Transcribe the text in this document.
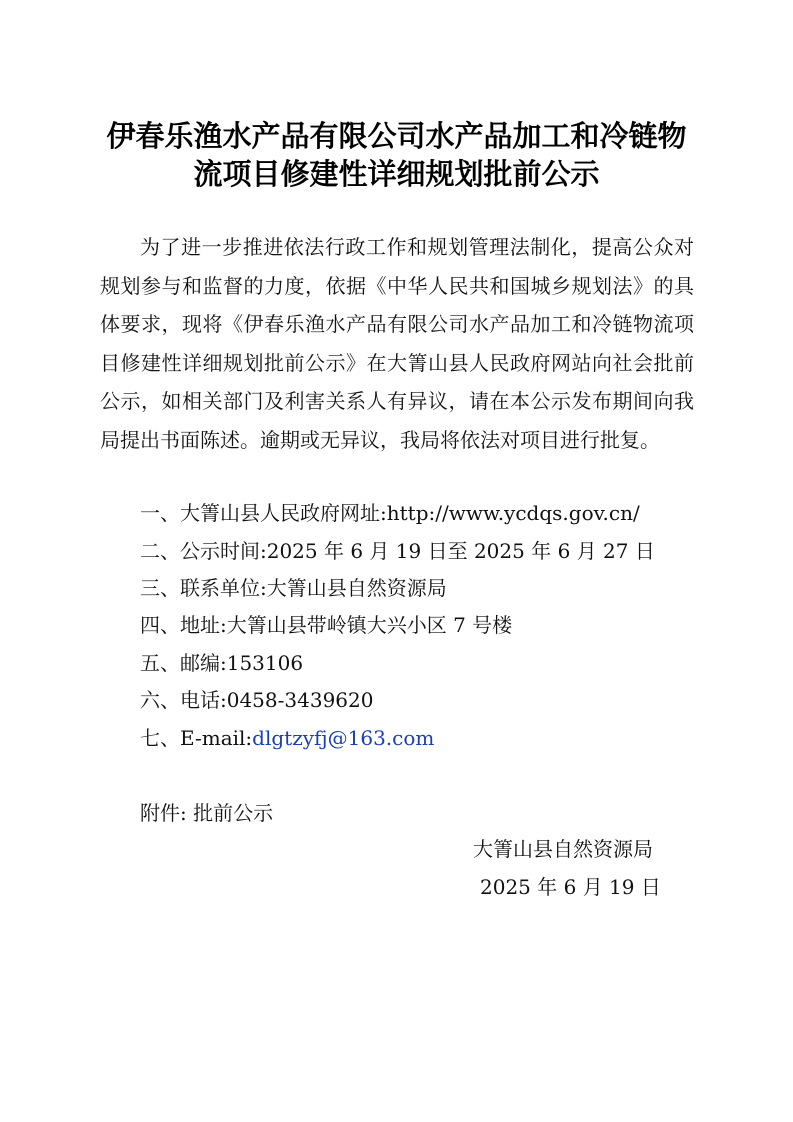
伊春乐渔水产品有限公司水产品加工和冷链物
流项目修建性详细规划批前公示

为了进一步推进依法行政工作和规划管理法制化，提高公众对规划参与和监督的力度，依据《中华人民共和国城乡规划法》的具体要求，现将《伊春乐渔水产品有限公司水产品加工和冷链物流项目修建性详细规划批前公示》在大箐山县人民政府网站向社会批前公示，如相关部门及利害关系人有异议，请在本公示发布期间向我局提出书面陈述。逾期或无异议，我局将依法对项目进行批复。

一、大箐山县人民政府网址:http://www.ycdqs.gov.cn/
二、公示时间:2025 年 6 月 19 日至 2025 年 6 月 27 日
三、联系单位:大箐山县自然资源局
四、地址:大箐山县带岭镇大兴小区 7 号楼
五、邮编:153106
六、电话:0458-3439620
七、E-mail:dlgtzyfj@163.com
附件: 批前公示
大箐山县自然资源局
2025 年 6 月 19 日
